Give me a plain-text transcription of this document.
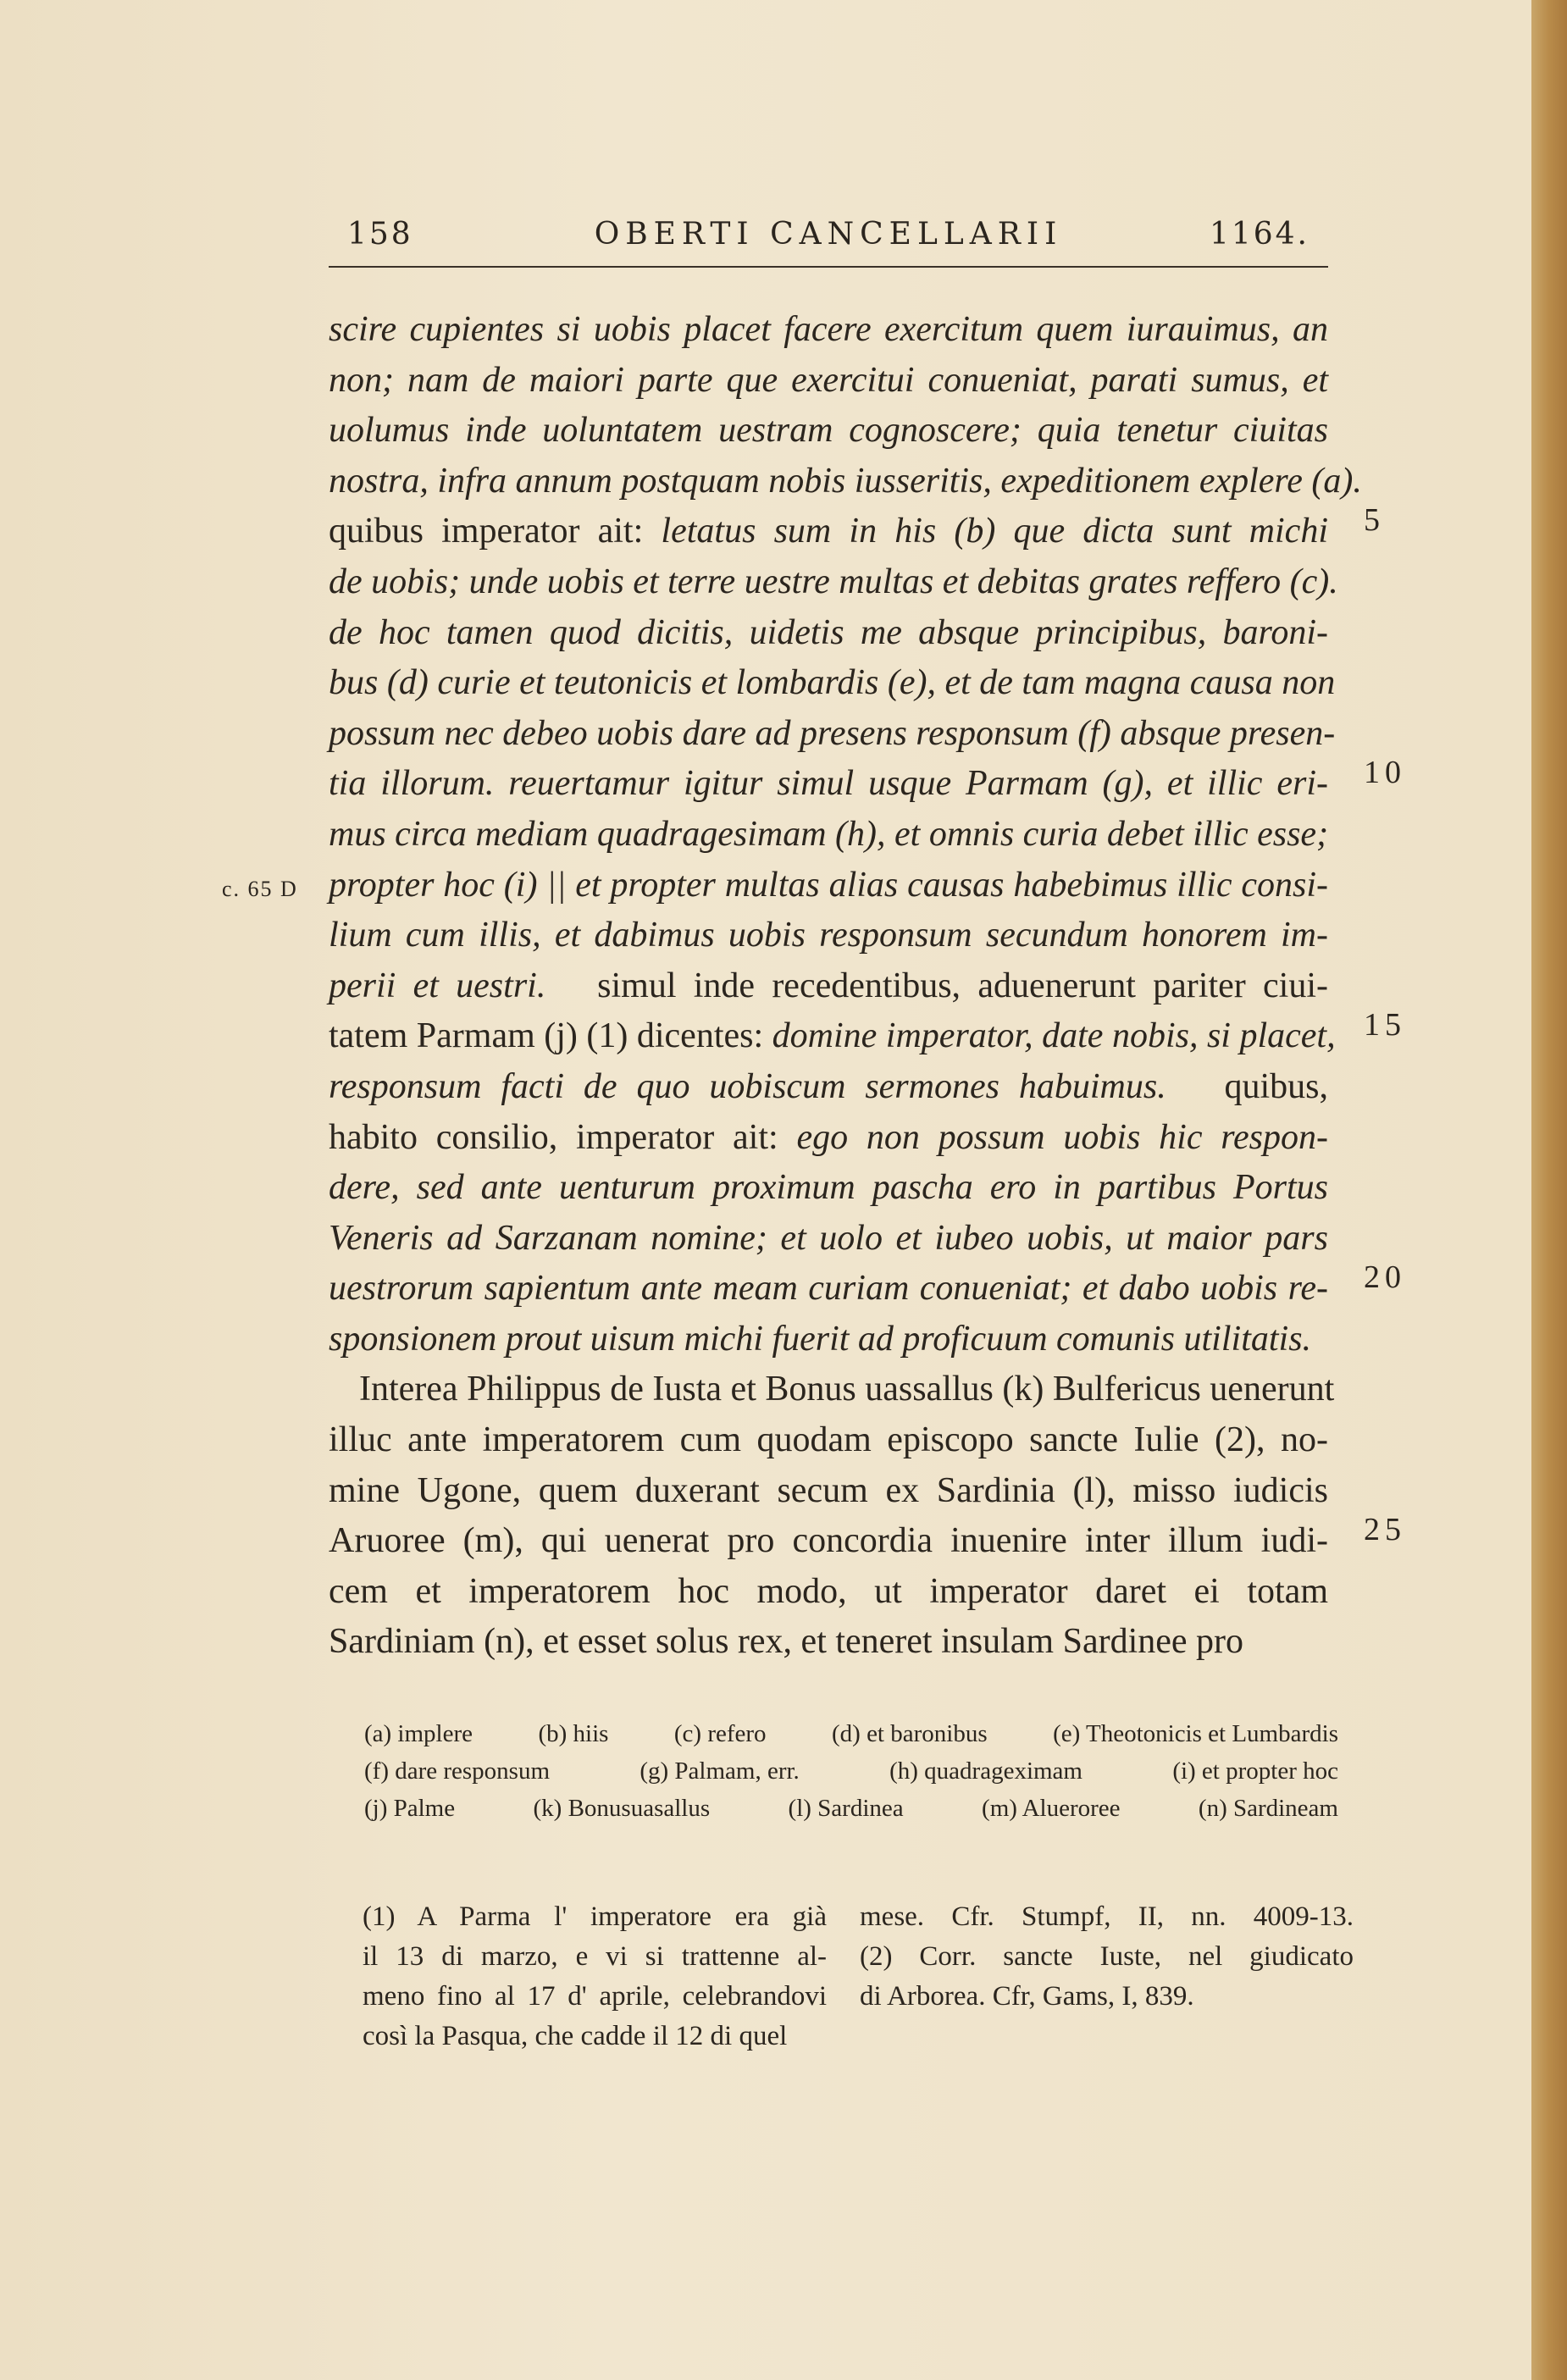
158	OBERTI CANCELLARII	1164.
c. 65 D
5
10
15
20
25
scire cupientes si uobis placet facere exercitum quem iurauimus, an
non; nam de maiori parte que exercitui conueniat, parati sumus, et
uolumus inde uoluntatem uestram cognoscere; quia tenetur ciuitas
nostra, infra annum postquam nobis iusseritis, expeditionem explere (a).
quibus imperator ait: letatus sum in his (b) que dicta sunt michi
de uobis; unde uobis et terre uestre multas et debitas grates reffero (c).
de hoc tamen quod dicitis, uidetis me absque principibus, baroni-
bus (d) curie et teutonicis et lombardis (e), et de tam magna causa non
possum nec debeo uobis dare ad presens responsum (f) absque presen-
tia illorum. reuertamur igitur simul usque Parmam (g), et illic eri-
mus circa mediam quadragesimam (h), et omnis curia debet illic esse;
propter hoc (i) || et propter multas alias causas habebimus illic consi-
lium cum illis, et dabimus uobis responsum secundum honorem im-
perii et uestri.   simul inde recedentibus, aduenerunt pariter ciui-
tatem Parmam (j) (1) dicentes: domine imperator, date nobis, si placet,
responsum facti de quo uobiscum sermones habuimus.   quibus,
habito consilio, imperator ait: ego non possum uobis hic respon-
dere, sed ante uenturum proximum pascha ero in partibus Portus
Veneris ad Sarzanam nomine; et uolo et iubeo uobis, ut maior pars
uestrorum sapientum ante meam curiam conueniat; et dabo uobis re-
sponsionem prout uisum michi fuerit ad proficuum comunis utilitatis.
Interea Philippus de Iusta et Bonus uassallus (k) Bulfericus uenerunt
illuc ante imperatorem cum quodam episcopo sancte Iulie (2), no-
mine Ugone, quem duxerant secum ex Sardinia (l), misso iudicis
Aruoree (m), qui uenerat pro concordia inuenire inter illum iudi-
cem et imperatorem hoc modo, ut imperator daret ei totam
Sardiniam (n), et esset solus rex, et teneret insulam Sardinee pro
(a) implere	(b) hiis	(c) refero	(d) et baronibus	(e) Theotonicis et Lumbardis
(f) dare responsum	(g) Palmam, err.	(h) quadrageximam	(i) et propter hoc
(j) Palme	(k) Bonusuasallus	(l) Sardinea	(m) Alueroree	(n) Sardineam
(1) A Parma l' imperatore era già
il 13 di marzo, e vi si trattenne al-
meno fino al 17 d' aprile, celebrandovi
così la Pasqua, che cadde il 12 di quel
mese. Cfr. Stumpf, II, nn. 4009-13.
(2) Corr. sancte Iuste, nel giudicato
di Arborea. Cfr, Gams, I, 839.
